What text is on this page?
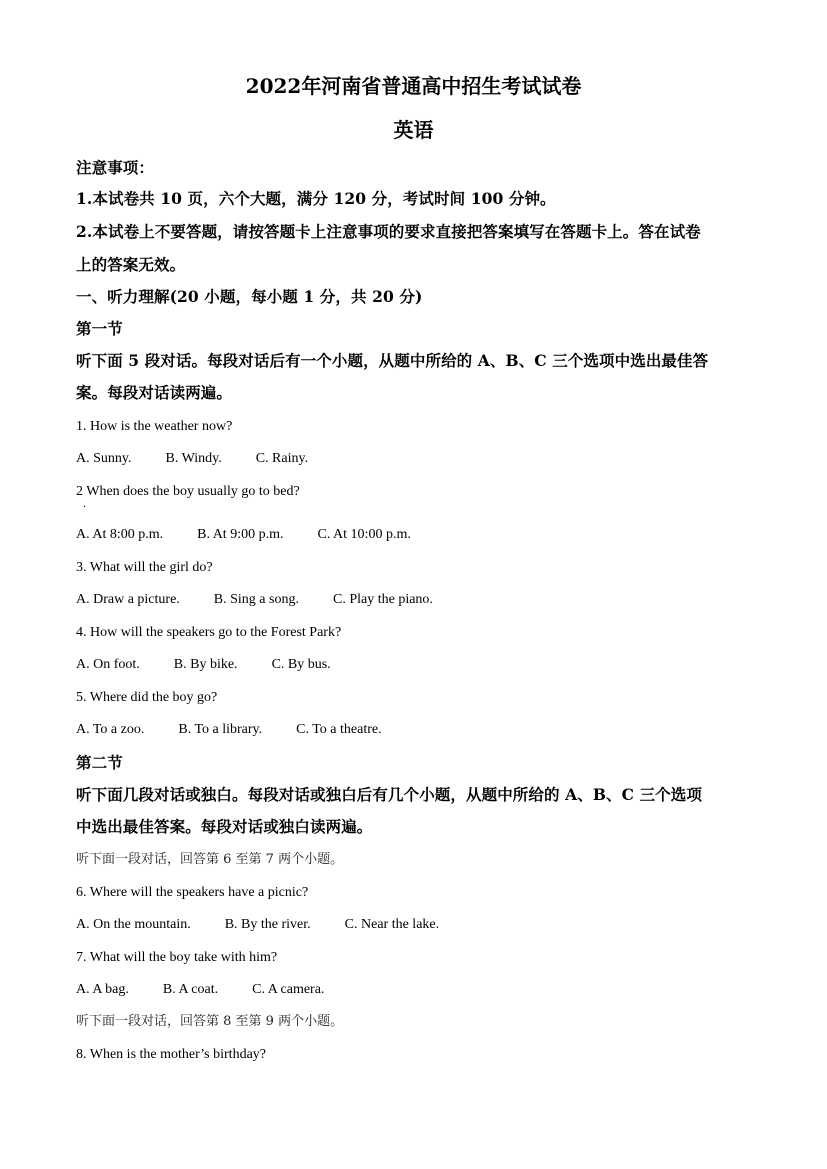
2022年河南省普通高中招生考试试卷
英语
注意事项：
1.本试卷共 10 页，六个大题，满分 120 分，考试时间 100 分钟。
2.本试卷上不要答题，请按答题卡上注意事项的要求直接把答案填写在答题卡上。答在试卷
上的答案无效。
一、听力理解(20 小题，每小题 1 分，共 20 分)
第一节
听下面 5 段对话。每段对话后有一个小题，从题中所给的 A、B、C 三个选项中选出最佳答
案。每段对话读两遍。
1. How is the weather now?
A. Sunny. B. Windy. C. Rainy.
2 When does the boy usually go to bed?
·
A. At 8:00 p.m. B. At 9:00 p.m. C. At 10:00 p.m.
3. What will the girl do?
A. Draw a picture. B. Sing a song. C. Play the piano.
4. How will the speakers go to the Forest Park?
A. On foot. B. By bike. C. By bus.
5. Where did the boy go?
A. To a zoo. B. To a library. C. To a theatre.
第二节
听下面几段对话或独白。每段对话或独白后有几个小题，从题中所给的 A、B、C 三个选项
中选出最佳答案。每段对话或独白读两遍。
听下面一段对话，回答第 6 至第 7 两个小题。
6. Where will the speakers have a picnic?
A. On the mountain. B. By the river. C. Near the lake.
7. What will the boy take with him?
A. A bag. B. A coat. C. A camera.
听下面一段对话，回答第 8 至第 9 两个小题。
8. When is the mother’s birthday?
